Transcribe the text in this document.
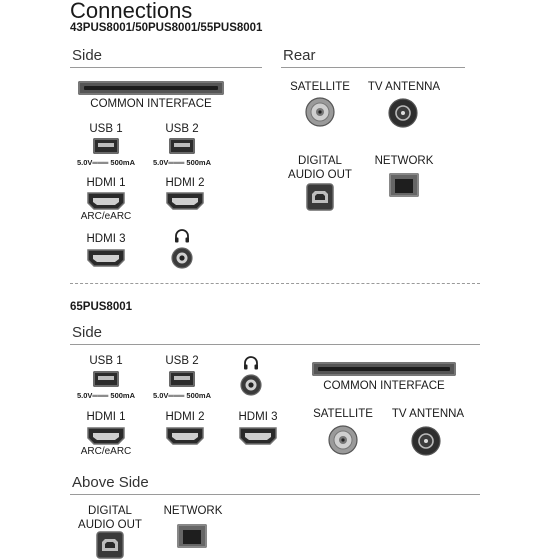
Connections
43PUS8001/50PUS8001/55PUS8001
Side	Rear
COMMON INTERFACE
USB 1
5.0V═══ 500mA
USB 2
5.0V═══ 500mA
HDMI 1
ARC/eARC
HDMI 2
HDMI 3
SATELLITE	TV ANTENNA
DIGITAL
AUDIO OUT
NETWORK
65PUS8001
Side
USB 1
5.0V═══ 500mA
USB 2
5.0V═══ 500mA
COMMON INTERFACE
HDMI 1
ARC/eARC
HDMI 2	HDMI 3	SATELLITE	TV ANTENNA
Above Side
DIGITAL
AUDIO OUT
NETWORK
